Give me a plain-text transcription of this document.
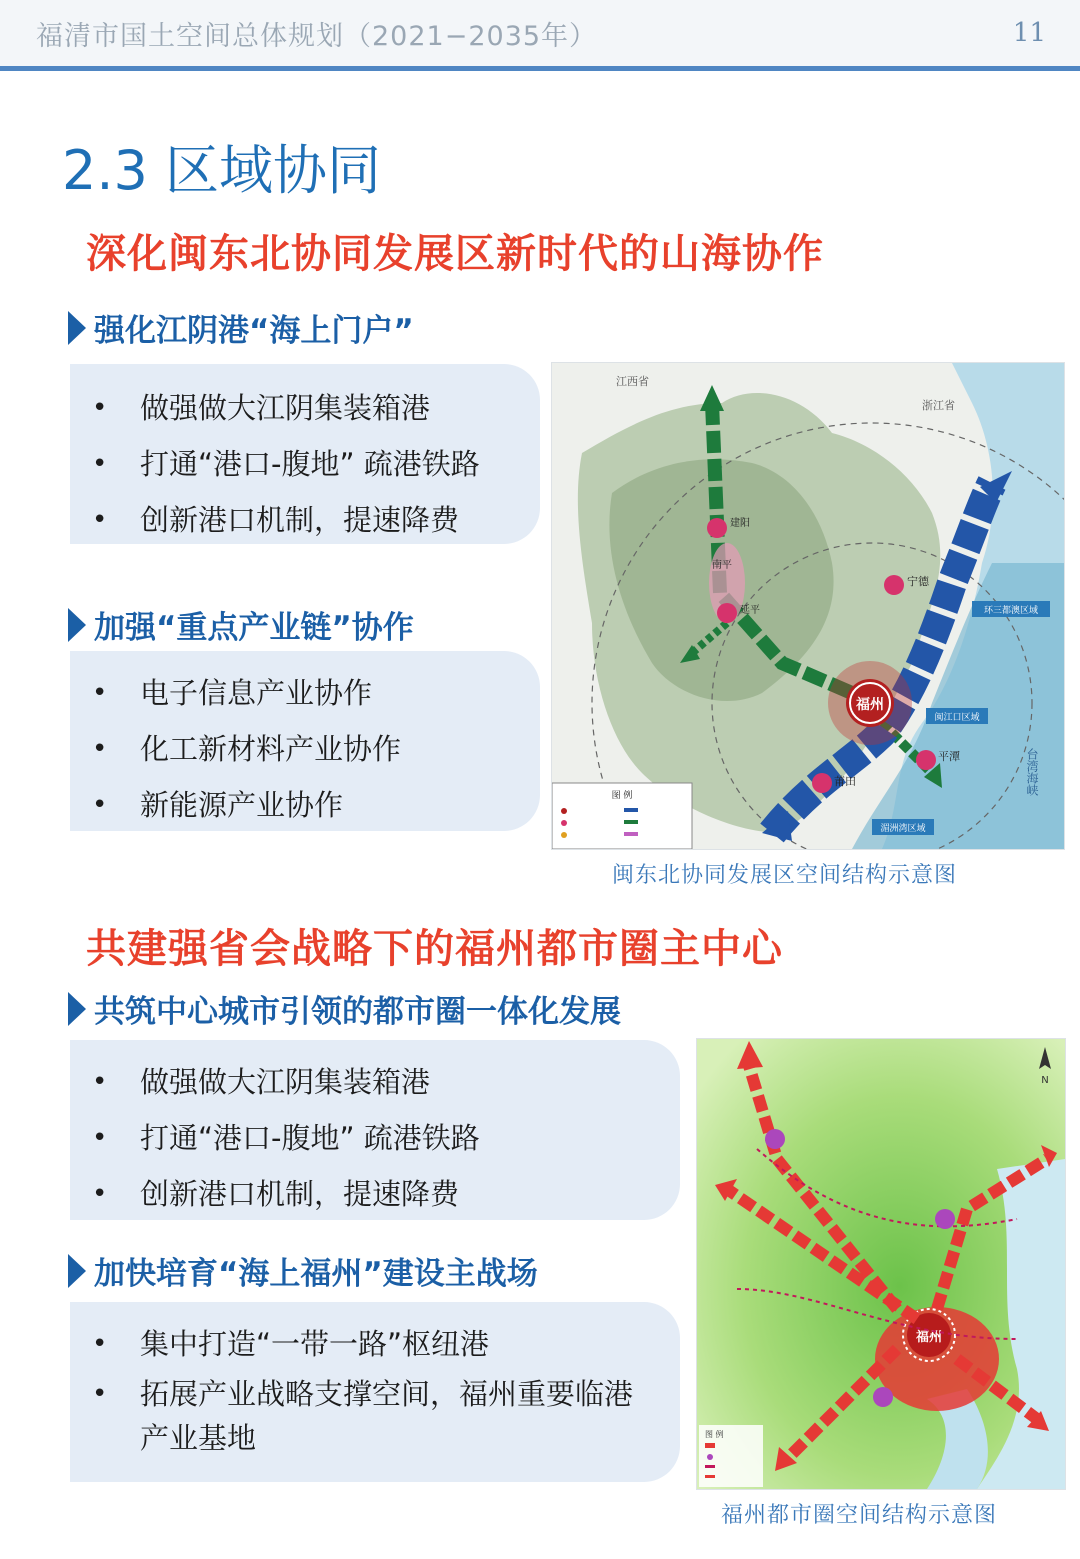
福清市国土空间总体规划（2021−2035年）	11
2.3 区域协同
深化闽东北协同发展区新时代的山海协作
强化江阴港“海上门户”
• 做强做大江阴集装箱港
• 打通“港口-腹地” 疏港铁路
• 创新港口机制，提速降费
加强“重点产业链”协作
• 电子信息产业协作
• 化工新材料产业协作
• 新能源产业协作
福州
建阳
延平
南平
宁德
平潭
莆田
环三都澳区域
闽江口区域
湄洲湾区域
江西省
浙江省
台湾海峡
图 例
闽东北协同发展区空间结构示意图
共建强省会战略下的福州都市圈主中心
共筑中心城市引领的都市圈一体化发展
• 做强做大江阴集装箱港
• 打通“港口-腹地” 疏港铁路
• 创新港口机制，提速降费
加快培育“海上福州”建设主战场
• 集中打造“一带一路”枢纽港
• 拓展产业战略支撑空间，福州重要临港产业基地
福州
N
图 例
福州都市圈空间结构示意图
